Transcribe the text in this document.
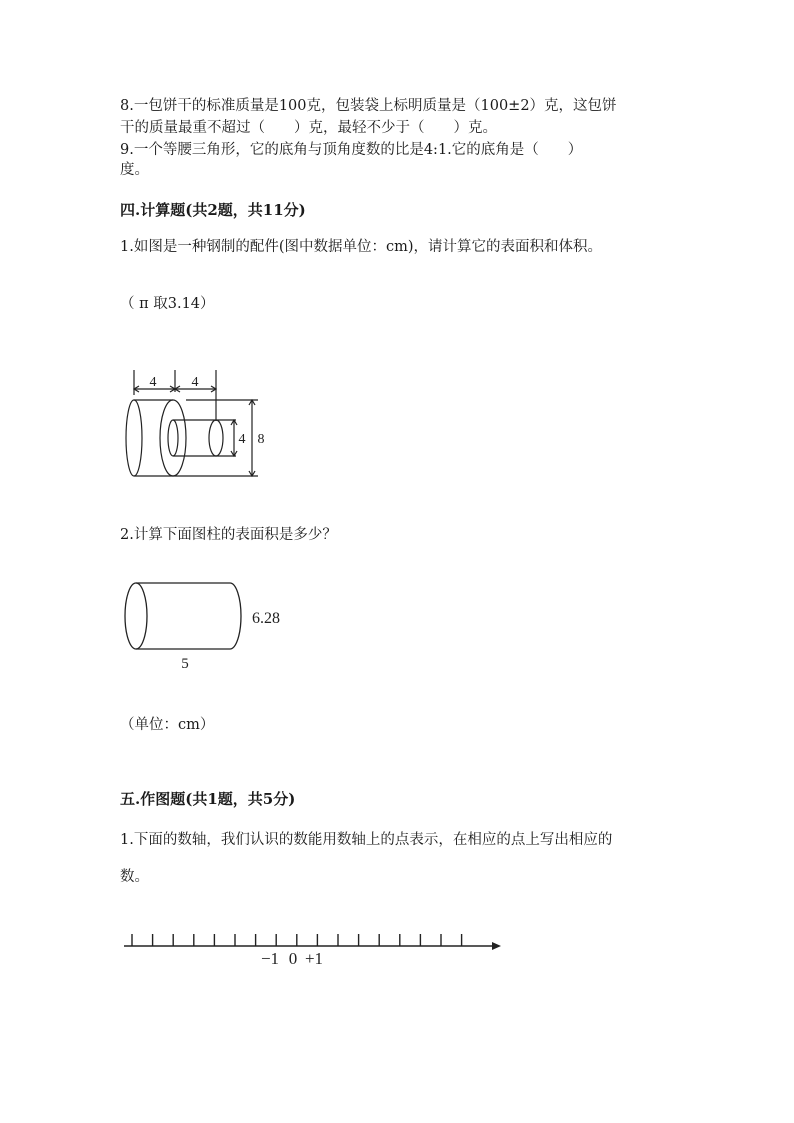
8.一包饼干的标准质量是100克，包装袋上标明质量是（100±2）克，这包饼
干的质量最重不超过（　　）克，最轻不少于（　　）克。
9.一个等腰三角形，它的底角与顶角度数的比是4:1.它的底角是（　　）
度。
四.计算题(共2题，共11分)
1.如图是一种钢制的配件(图中数据单位：cm)，请计算它的表面积和体积。
（ π 取3.14）
4	4
4 8
2.计算下面图柱的表面积是多少？
6.28
5
（单位：cm）
五.作图题(共1题，共5分)
1.下面的数轴，我们认识的数能用数轴上的点表示，在相应的点上写出相应的
数。
−1 0 +1
